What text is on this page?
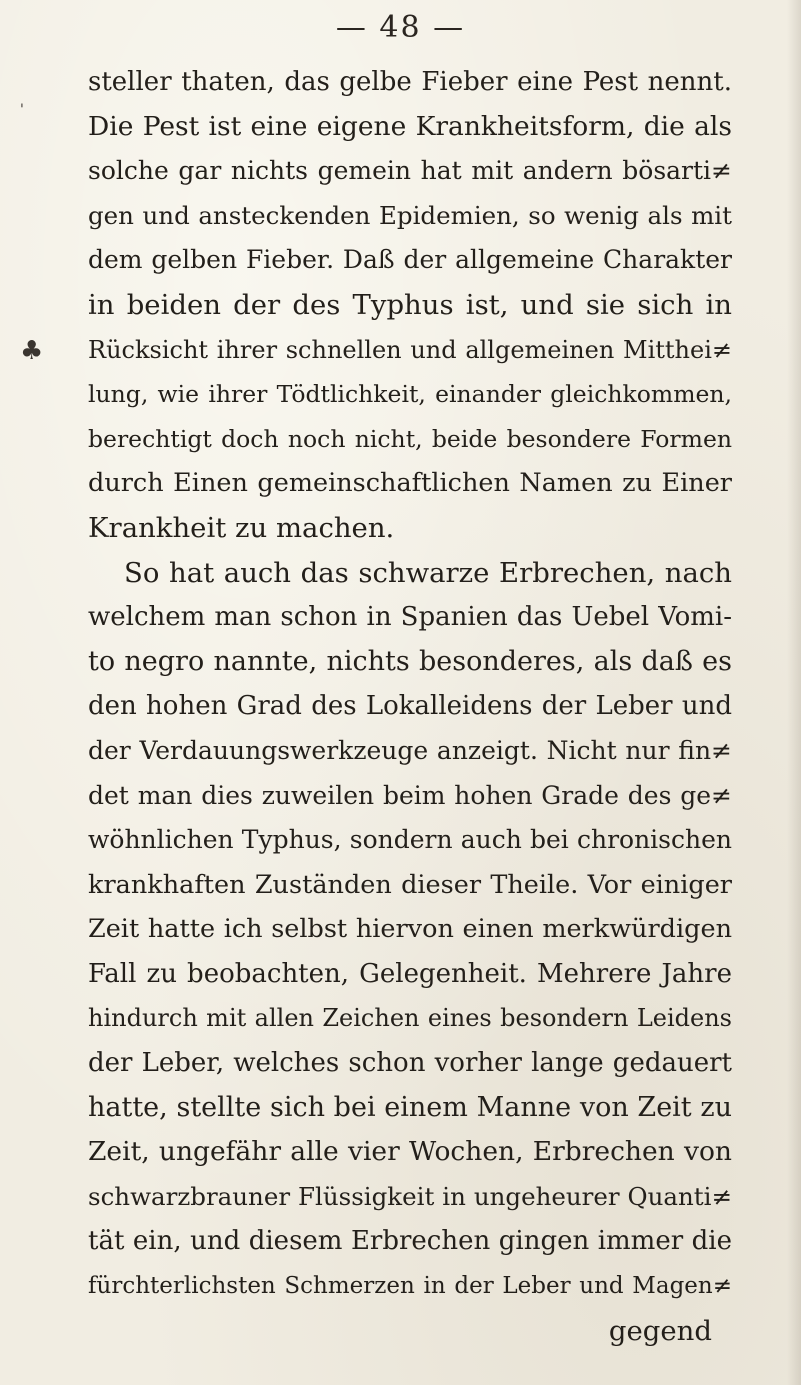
— 48 —
'
♣
steller thaten, das gelbe Fieber eine Pest nennt.
Die Pest ist eine eigene Krankheitsform, die als
solche gar nichts gemein hat mit andern bösarti≠
gen und ansteckenden Epidemien, so wenig als mit
dem gelben Fieber. Daß der allgemeine Charakter
in beiden der des Typhus ist, und sie sich in
Rücksicht ihrer schnellen und allgemeinen Mitthei≠
lung, wie ihrer Tödtlichkeit, einander gleichkommen,
berechtigt doch noch nicht, beide besondere Formen
durch Einen gemeinschaftlichen Namen zu Einer
Krankheit zu machen.
So hat auch das schwarze Erbrechen, nach
welchem man schon in Spanien das Uebel Vomi-
to negro nannte, nichts besonderes, als daß es
den hohen Grad des Lokalleidens der Leber und
der Verdauungswerkzeuge anzeigt. Nicht nur fin≠
det man dies zuweilen beim hohen Grade des ge≠
wöhnlichen Typhus, sondern auch bei chronischen
krankhaften Zuständen dieser Theile. Vor einiger
Zeit hatte ich selbst hiervon einen merkwürdigen
Fall zu beobachten, Gelegenheit. Mehrere Jahre
hindurch mit allen Zeichen eines besondern Leidens
der Leber, welches schon vorher lange gedauert
hatte, stellte sich bei einem Manne von Zeit zu
Zeit, ungefähr alle vier Wochen, Erbrechen von
schwarzbrauner Flüssigkeit in ungeheurer Quanti≠
tät ein, und diesem Erbrechen gingen immer die
fürchterlichsten Schmerzen in der Leber und Magen≠
gegend
